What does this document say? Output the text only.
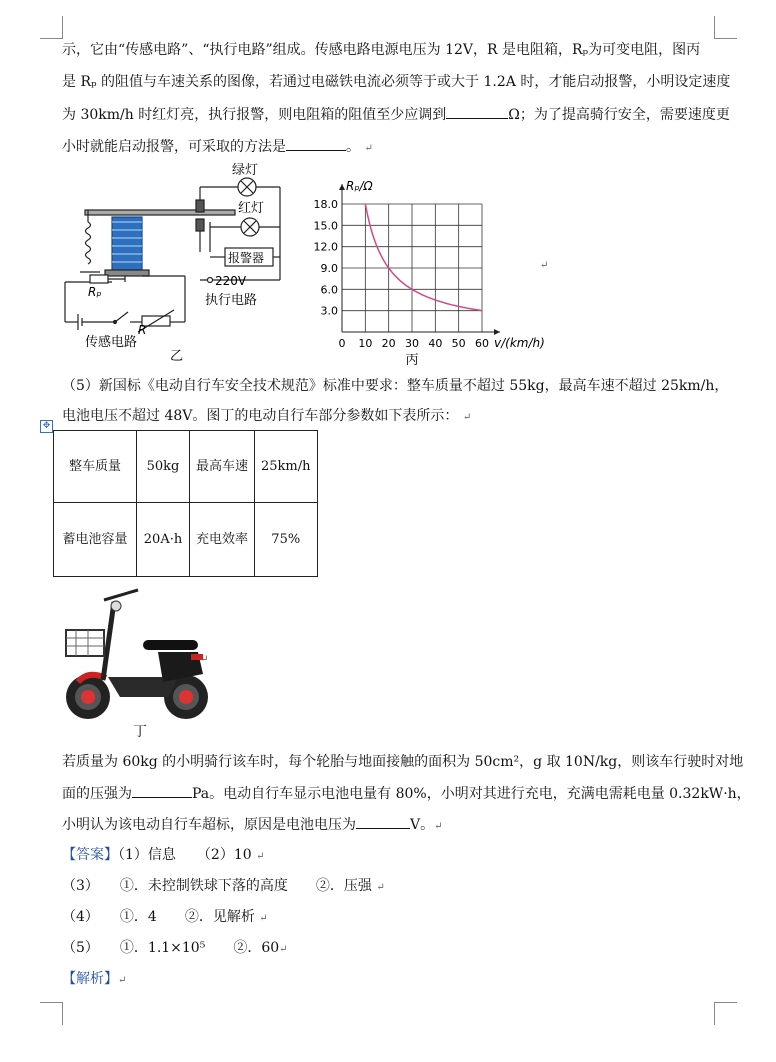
示，它由“传感电路”、“执行电路”组成。传感电路电源电压为 12V，R 是电阻箱，Rₚ为可变电阻，图丙
是 Rₚ 的阻值与车速关系的图像，若通过电磁铁电流必须等于或大于 1.2A 时，才能启动报警，小明设定速度
为 30km/h 时红灯亮，执行报警，则电阻箱的阻值至少应调到	Ω；为了提高骑行安全，需要速度更
小时就能启动报警，可采取的方法是	。 ↵
绿灯
红灯
报警器
220V
执行电路
Rₚ
R
传感电路
乙
0 10 20 30 40 50 60
3.0
6.0
9.0
12.0
15.0
18.0
Rₚ/Ω
v/(km/h)
丙
↵
（5）新国标《电动自行车安全技术规范》标准中要求：整车质量不超过 55kg，最高车速不超过 25km/h，
电池电压不超过 48V。图丁的电动自行车部分参数如下表所示： ↵
✥
整车质量	50kg	最高车速	25km/h
蓄电池容量	20A·h	充电效率	75%
↵
丁
若质量为 60kg 的小明骑行该车时，每个轮胎与地面接触的面积为 50cm²，g 取 10N/kg，则该车行驶时对地
面的压强为	Pa。电动自行车显示电池电量有 80%，小明对其进行充电，充满电需耗电量 0.32kW·h，
小明认为该电动自行车超标，原因是电池电压为	V。↵
【答案】（1）信息　　（2）10 ↵
（3）　　①．未控制铁球下落的高度　　②．压强 ↵
（4）　　①．4　　②．见解析 ↵
（5）　　①．1.1×10⁵　　②．60↵
【解析】↵
